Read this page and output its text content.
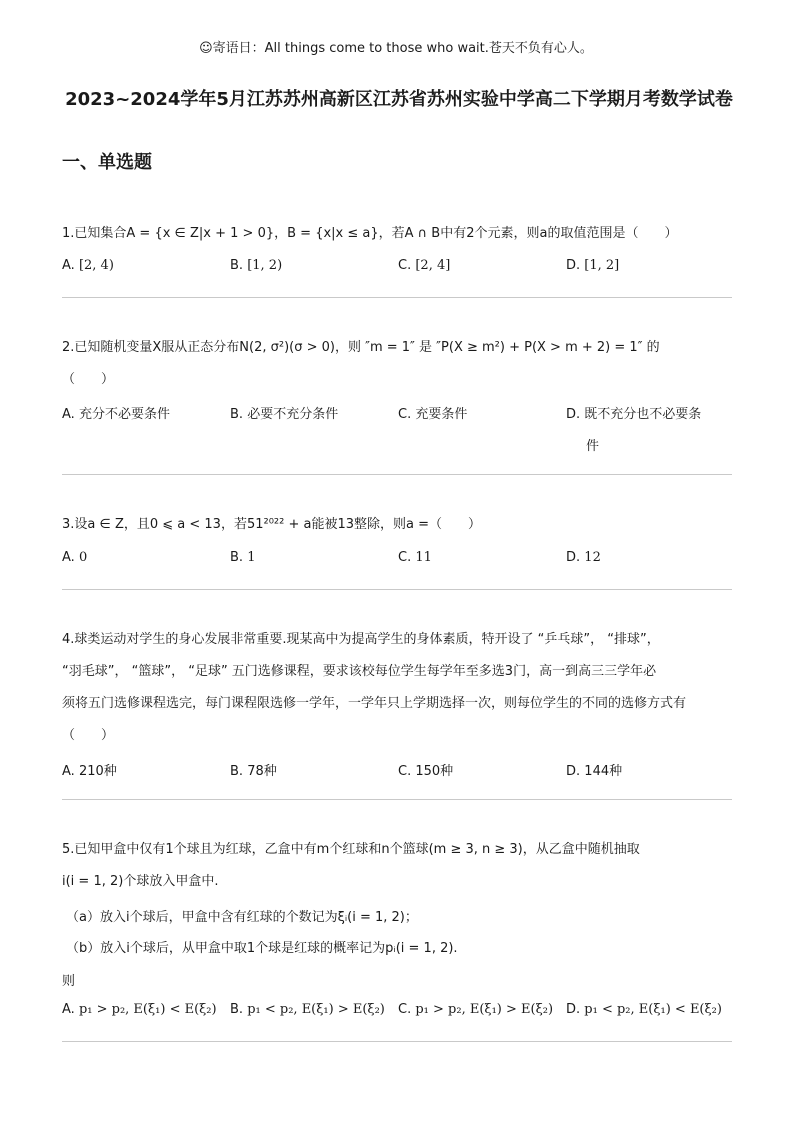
☺寄语日：All things come to those who wait.苍天不负有心人。
2023~2024学年5月江苏苏州高新区江苏省苏州实验中学高二下学期月考数学试卷
一、单选题
1.已知集合A = {x ∈ Z|x + 1 > 0}，B = {x|x ≤ a}，若A ∩ B中有2个元素，则a的取值范围是（　　）
A. [2, 4)	B. [1, 2)	C. [2, 4]	D. [1, 2]
2.已知随机变量X服从正态分布N(2, σ²)(σ > 0)，则 ″m = 1″ 是 ″P(X ≥ m²) + P(X > m + 2) = 1″ 的
（　　）
A. 充分不必要条件	B. 必要不充分条件	C. 充要条件	D. 既不充分也不必要条
件
3.设a ∈ Z，且0 ⩽ a < 13，若51²⁰²² + a能被13整除，则a =（　　）
A. 0	B. 1	C. 11	D. 12
4.球类运动对学生的身心发展非常重要.现某高中为提高学生的身体素质，特开设了 “乒乓球”， “排球”，
“羽毛球”， “篮球”， “足球” 五门选修课程，要求该校每位学生每学年至多选3门，高一到高三三学年必
须将五门选修课程选完，每门课程限选修一学年，一学年只上学期选择一次，则每位学生的不同的选修方式有
（　　）
A. 210种	B. 78种	C. 150种	D. 144种
5.已知甲盒中仅有1个球且为红球，乙盒中有m个红球和n个篮球(m ≥ 3, n ≥ 3)，从乙盒中随机抽取
i(i = 1, 2)个球放入甲盒中.
（a）放入i个球后，甲盒中含有红球的个数记为ξᵢ(i = 1, 2)；
（b）放入i个球后，从甲盒中取1个球是红球的概率记为pᵢ(i = 1, 2).
则
A. p₁ > p₂, E(ξ₁) < E(ξ₂) B. p₁ < p₂, E(ξ₁) > E(ξ₂) C. p₁ > p₂, E(ξ₁) > E(ξ₂) D. p₁ < p₂, E(ξ₁) < E(ξ₂)
